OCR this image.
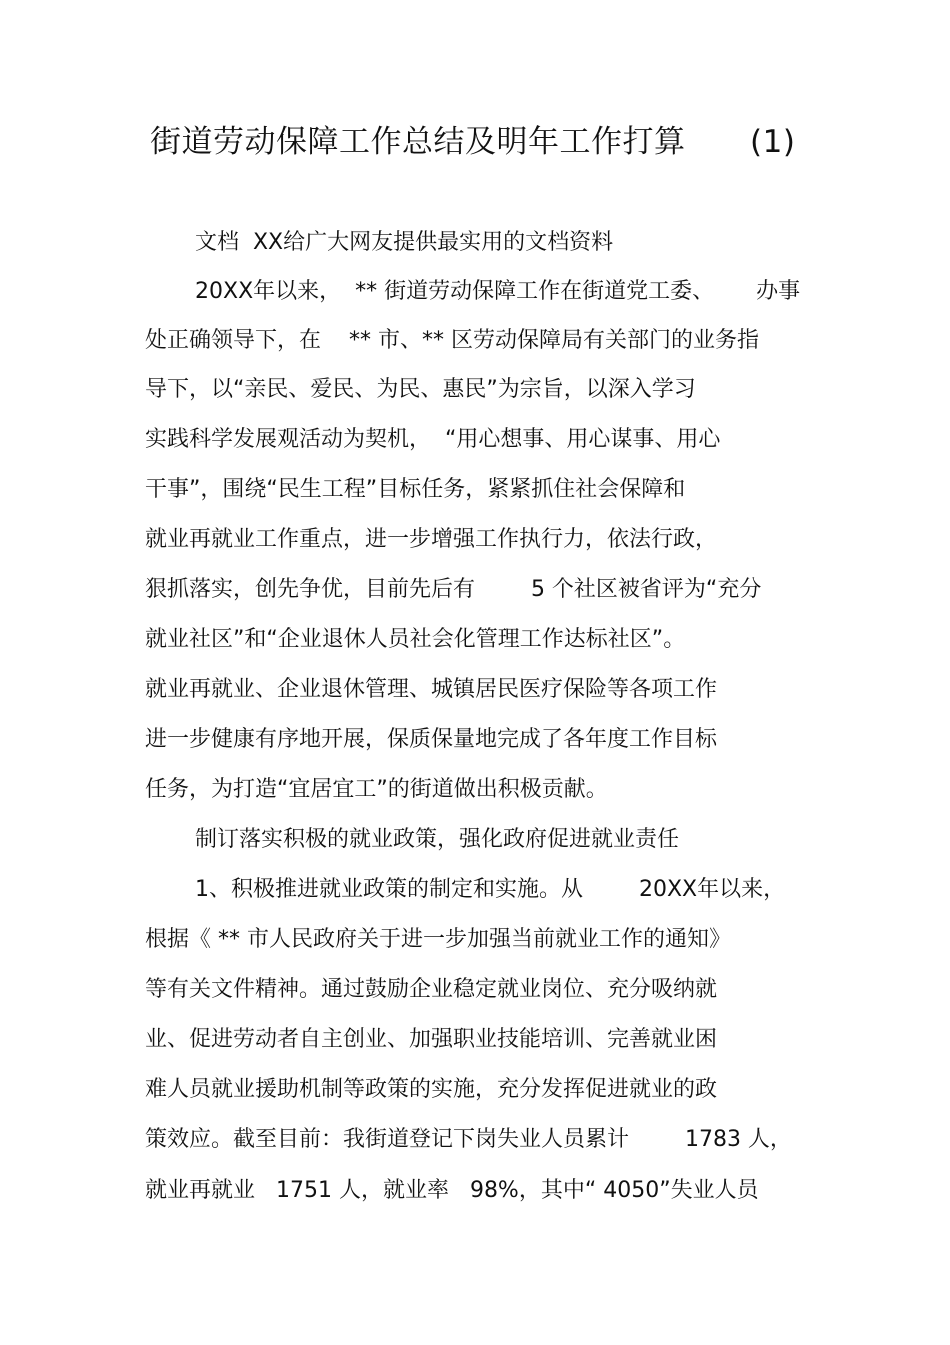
街道劳动保障工作总结及明年工作打算 (1)
文档  XX给广大网友提供最实用的文档资料
20XX年以来，  ** 街道劳动保障工作在街道党工委、      办事
处正确领导下，在    ** 市、** 区劳动保障局有关部门的业务指
导下，以“亲民、爱民、为民、惠民”为宗旨，以深入学习
实践科学发展观活动为契机，  “用心想事、用心谋事、用心
干事”，围绕“民生工程”目标任务，紧紧抓住社会保障和
就业再就业工作重点，进一步增强工作执行力，依法行政，
狠抓落实，创先争优，目前先后有        5 个社区被省评为“充分
就业社区”和“企业退休人员社会化管理工作达标社区”。
就业再就业、企业退休管理、城镇居民医疗保险等各项工作
进一步健康有序地开展，保质保量地完成了各年度工作目标
任务，为打造“宜居宜工”的街道做出积极贡献。
制订落实积极的就业政策，强化政府促进就业责任
1、积极推进就业政策的制定和实施。从        20XX年以来，
根据《 ** 市人民政府关于进一步加强当前就业工作的通知》
等有关文件精神。通过鼓励企业稳定就业岗位、充分吸纳就
业、促进劳动者自主创业、加强职业技能培训、完善就业困
难人员就业援助机制等政策的实施，充分发挥促进就业的政
策效应。截至目前：我街道登记下岗失业人员累计        1783 人，
就业再就业   1751 人，就业率   98%，其中“ 4050”失业人员
